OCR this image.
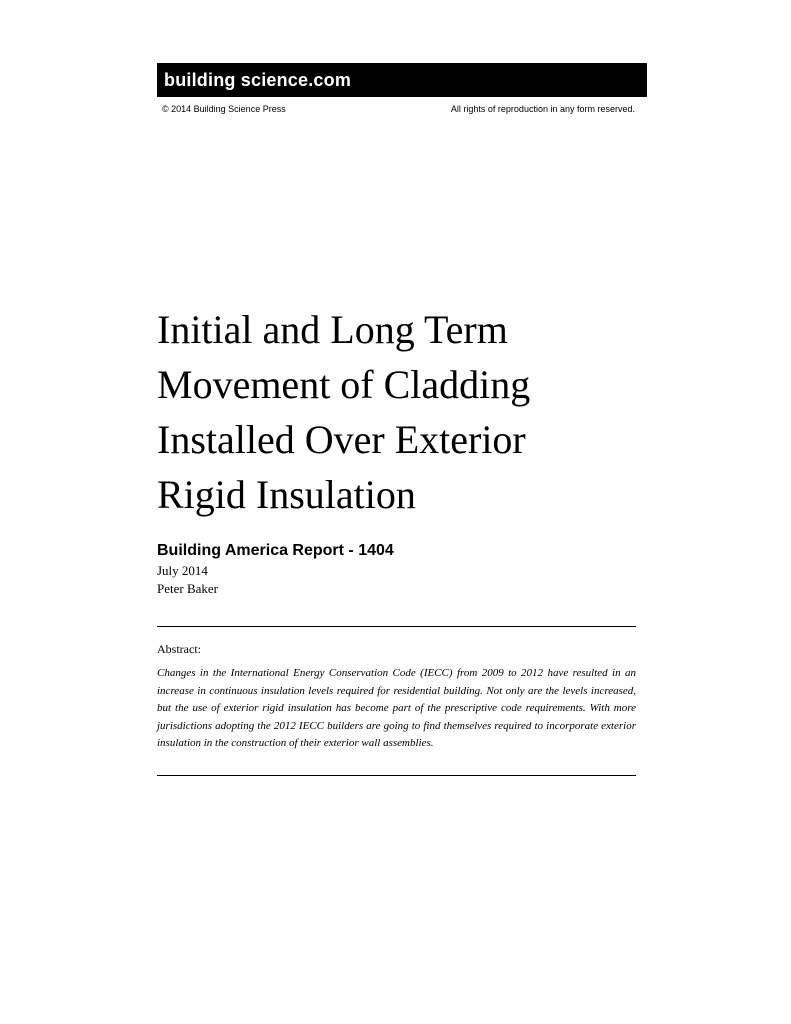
building science.com
© 2014 Building Science Press	All rights of reproduction in any form reserved.
Initial and Long Term
Movement of Cladding
Installed Over Exterior
Rigid Insulation
Building America Report - 1404
July 2014
Peter Baker
Abstract:

Changes in the International Energy Conservation Code (IECC) from 2009 to 2012 have resulted in an increase in continuous insulation levels required for residential building. Not only are the levels increased, but the use of exterior rigid insulation has become part of the prescriptive code requirements. With more jurisdictions adopting the 2012 IECC builders are going to find themselves required to incorporate exterior insulation in the construction of their exterior wall assemblies.
